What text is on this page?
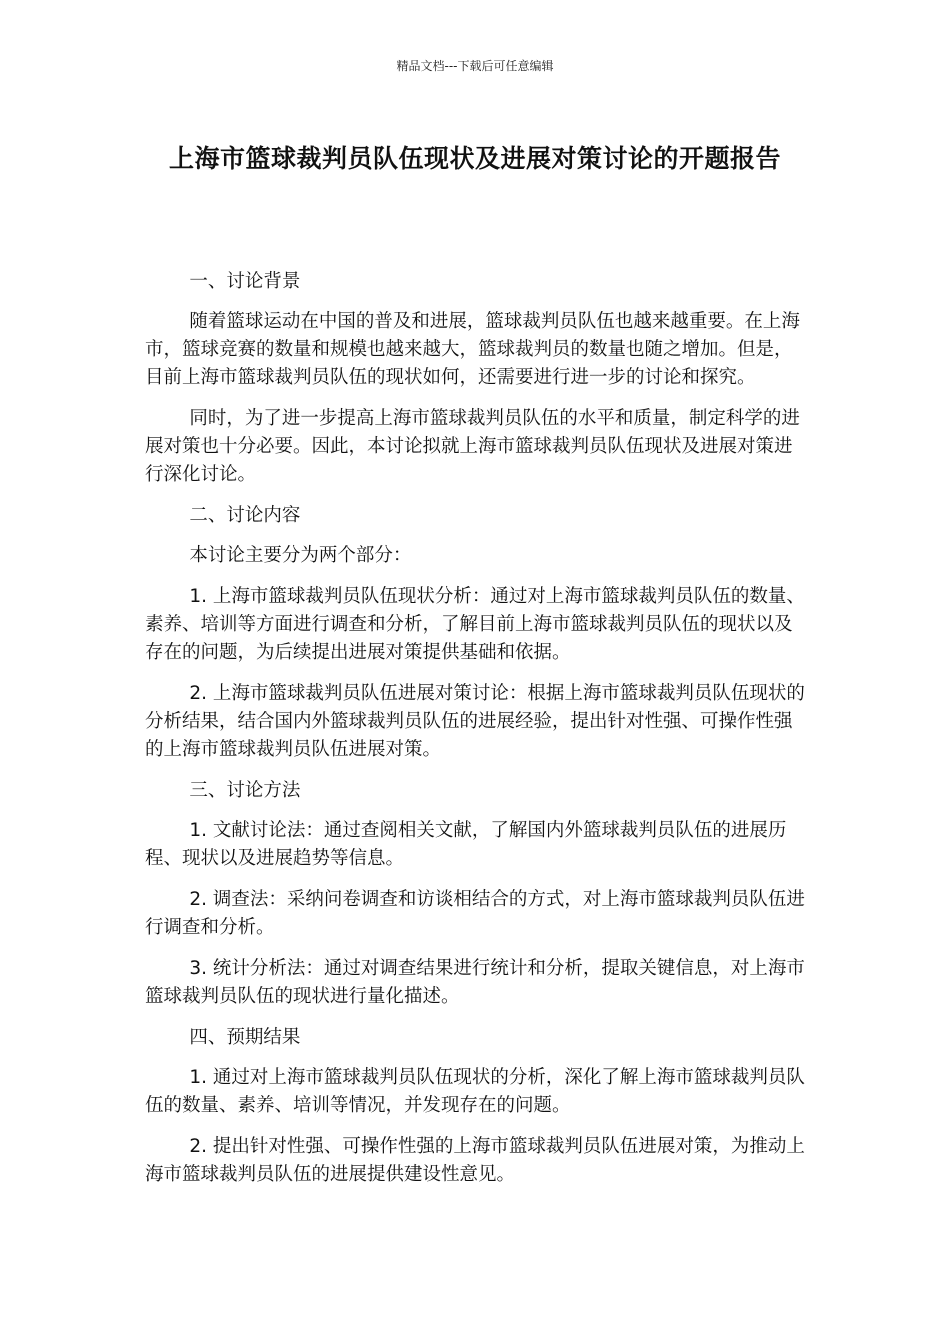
精品文档---下载后可任意编辑
上海市篮球裁判员队伍现状及进展对策讨论的开题报告

一、讨论背景

随着篮球运动在中国的普及和进展，篮球裁判员队伍也越来越重要。在上海市，篮球竞赛的数量和规模也越来越大，篮球裁判员的数量也随之增加。但是，目前上海市篮球裁判员队伍的现状如何，还需要进行进一步的讨论和探究。

同时，为了进一步提高上海市篮球裁判员队伍的水平和质量，制定科学的进展对策也十分必要。因此，本讨论拟就上海市篮球裁判员队伍现状及进展对策进行深化讨论。

二、讨论内容

本讨论主要分为两个部分：

1. 上海市篮球裁判员队伍现状分析：通过对上海市篮球裁判员队伍的数量、素养、培训等方面进行调查和分析，了解目前上海市篮球裁判员队伍的现状以及存在的问题，为后续提出进展对策提供基础和依据。

2. 上海市篮球裁判员队伍进展对策讨论：根据上海市篮球裁判员队伍现状的分析结果，结合国内外篮球裁判员队伍的进展经验，提出针对性强、可操作性强的上海市篮球裁判员队伍进展对策。

三、讨论方法

1. 文献讨论法：通过查阅相关文献，了解国内外篮球裁判员队伍的进展历程、现状以及进展趋势等信息。

2. 调查法：采纳问卷调查和访谈相结合的方式，对上海市篮球裁判员队伍进行调查和分析。

3. 统计分析法：通过对调查结果进行统计和分析，提取关键信息，对上海市篮球裁判员队伍的现状进行量化描述。

四、预期结果

1. 通过对上海市篮球裁判员队伍现状的分析，深化了解上海市篮球裁判员队伍的数量、素养、培训等情况，并发现存在的问题。

2. 提出针对性强、可操作性强的上海市篮球裁判员队伍进展对策，为推动上海市篮球裁判员队伍的进展提供建设性意见。
